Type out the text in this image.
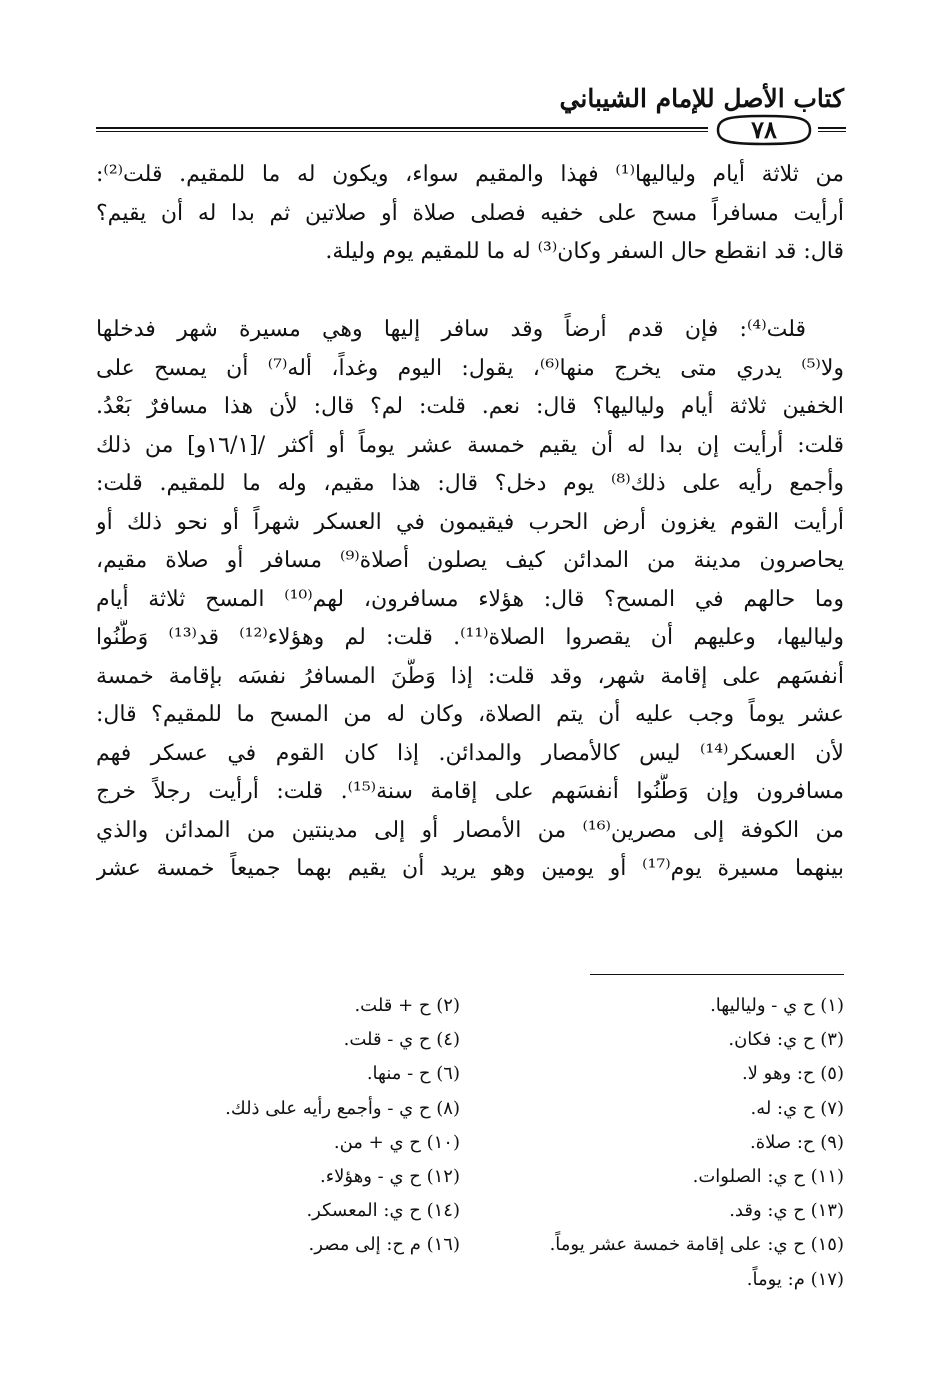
كتاب الأصل للإمام الشيباني
٧٨
من ثلاثة أيام ولياليها⁽¹⁾ فهذا والمقيم سواء، ويكون له ما للمقيم. قلت⁽²⁾:
أرأيت مسافراً مسح على خفيه فصلى صلاة أو صلاتين ثم بدا له أن يقيم؟
قال: قد انقطع حال السفر وكان⁽³⁾ له ما للمقيم يوم وليلة.
قلت⁽⁴⁾: فإن قدم أرضاً وقد سافر إليها وهي مسيرة شهر فدخلها
ولا⁽⁵⁾ يدري متى يخرج منها⁽⁶⁾، يقول: اليوم وغداً، أله⁽⁷⁾ أن يمسح على
الخفين ثلاثة أيام ولياليها؟ قال: نعم. قلت: لم؟ قال: لأن هذا مسافرٌ بَعْدُ.
قلت: أرأيت إن بدا له أن يقيم خمسة عشر يوماً أو أكثر /[١٦/١و] من ذلك
وأجمع رأيه على ذلك⁽⁸⁾ يوم دخل؟ قال: هذا مقيم، وله ما للمقيم. قلت:
أرأيت القوم يغزون أرض الحرب فيقيمون في العسكر شهراً أو نحو ذلك أو
يحاصرون مدينة من المدائن كيف يصلون أصلاة⁽⁹⁾ مسافر أو صلاة مقيم،
وما حالهم في المسح؟ قال: هؤلاء مسافرون، لهم⁽¹⁰⁾ المسح ثلاثة أيام
ولياليها، وعليهم أن يقصروا الصلاة⁽¹¹⁾. قلت: لم وهؤلاء⁽¹²⁾ قد⁽¹³⁾ وَطَّنُوا
أنفسَهم على إقامة شهر، وقد قلت: إذا وَطَّنَ المسافرُ نفسَه بإقامة خمسة
عشر يوماً وجب عليه أن يتم الصلاة، وكان له من المسح ما للمقيم؟ قال:
لأن العسكر⁽¹⁴⁾ ليس كالأمصار والمدائن. إذا كان القوم في عسكر فهم
مسافرون وإن وَطَّنُوا أنفسَهم على إقامة سنة⁽¹⁵⁾. قلت: أرأيت رجلاً خرج
من الكوفة إلى مصرين⁽¹⁶⁾ من الأمصار أو إلى مدينتين من المدائن والذي
بينهما مسيرة يوم⁽¹⁷⁾ أو يومين وهو يريد أن يقيم بهما جميعاً خمسة عشر
(١) ح ي - ولياليها.
(٣) ح ي: فكان.
(٥) ح: وهو لا.
(٧) ح ي: له.
(٩) ح: صلاة.
(١١) ح ي: الصلوات.
(١٣) ح ي: وقد.
(١٥) ح ي: على إقامة خمسة عشر يوماً.
(١٧) م: يوماً.
(٢) ح + قلت.
(٤) ح ي - قلت.
(٦) ح - منها.
(٨) ح ي - وأجمع رأيه على ذلك.
(١٠) ح ي + من.
(١٢) ح ي - وهؤلاء.
(١٤) ح ي: المعسكر.
(١٦) م ح: إلى مصر.
